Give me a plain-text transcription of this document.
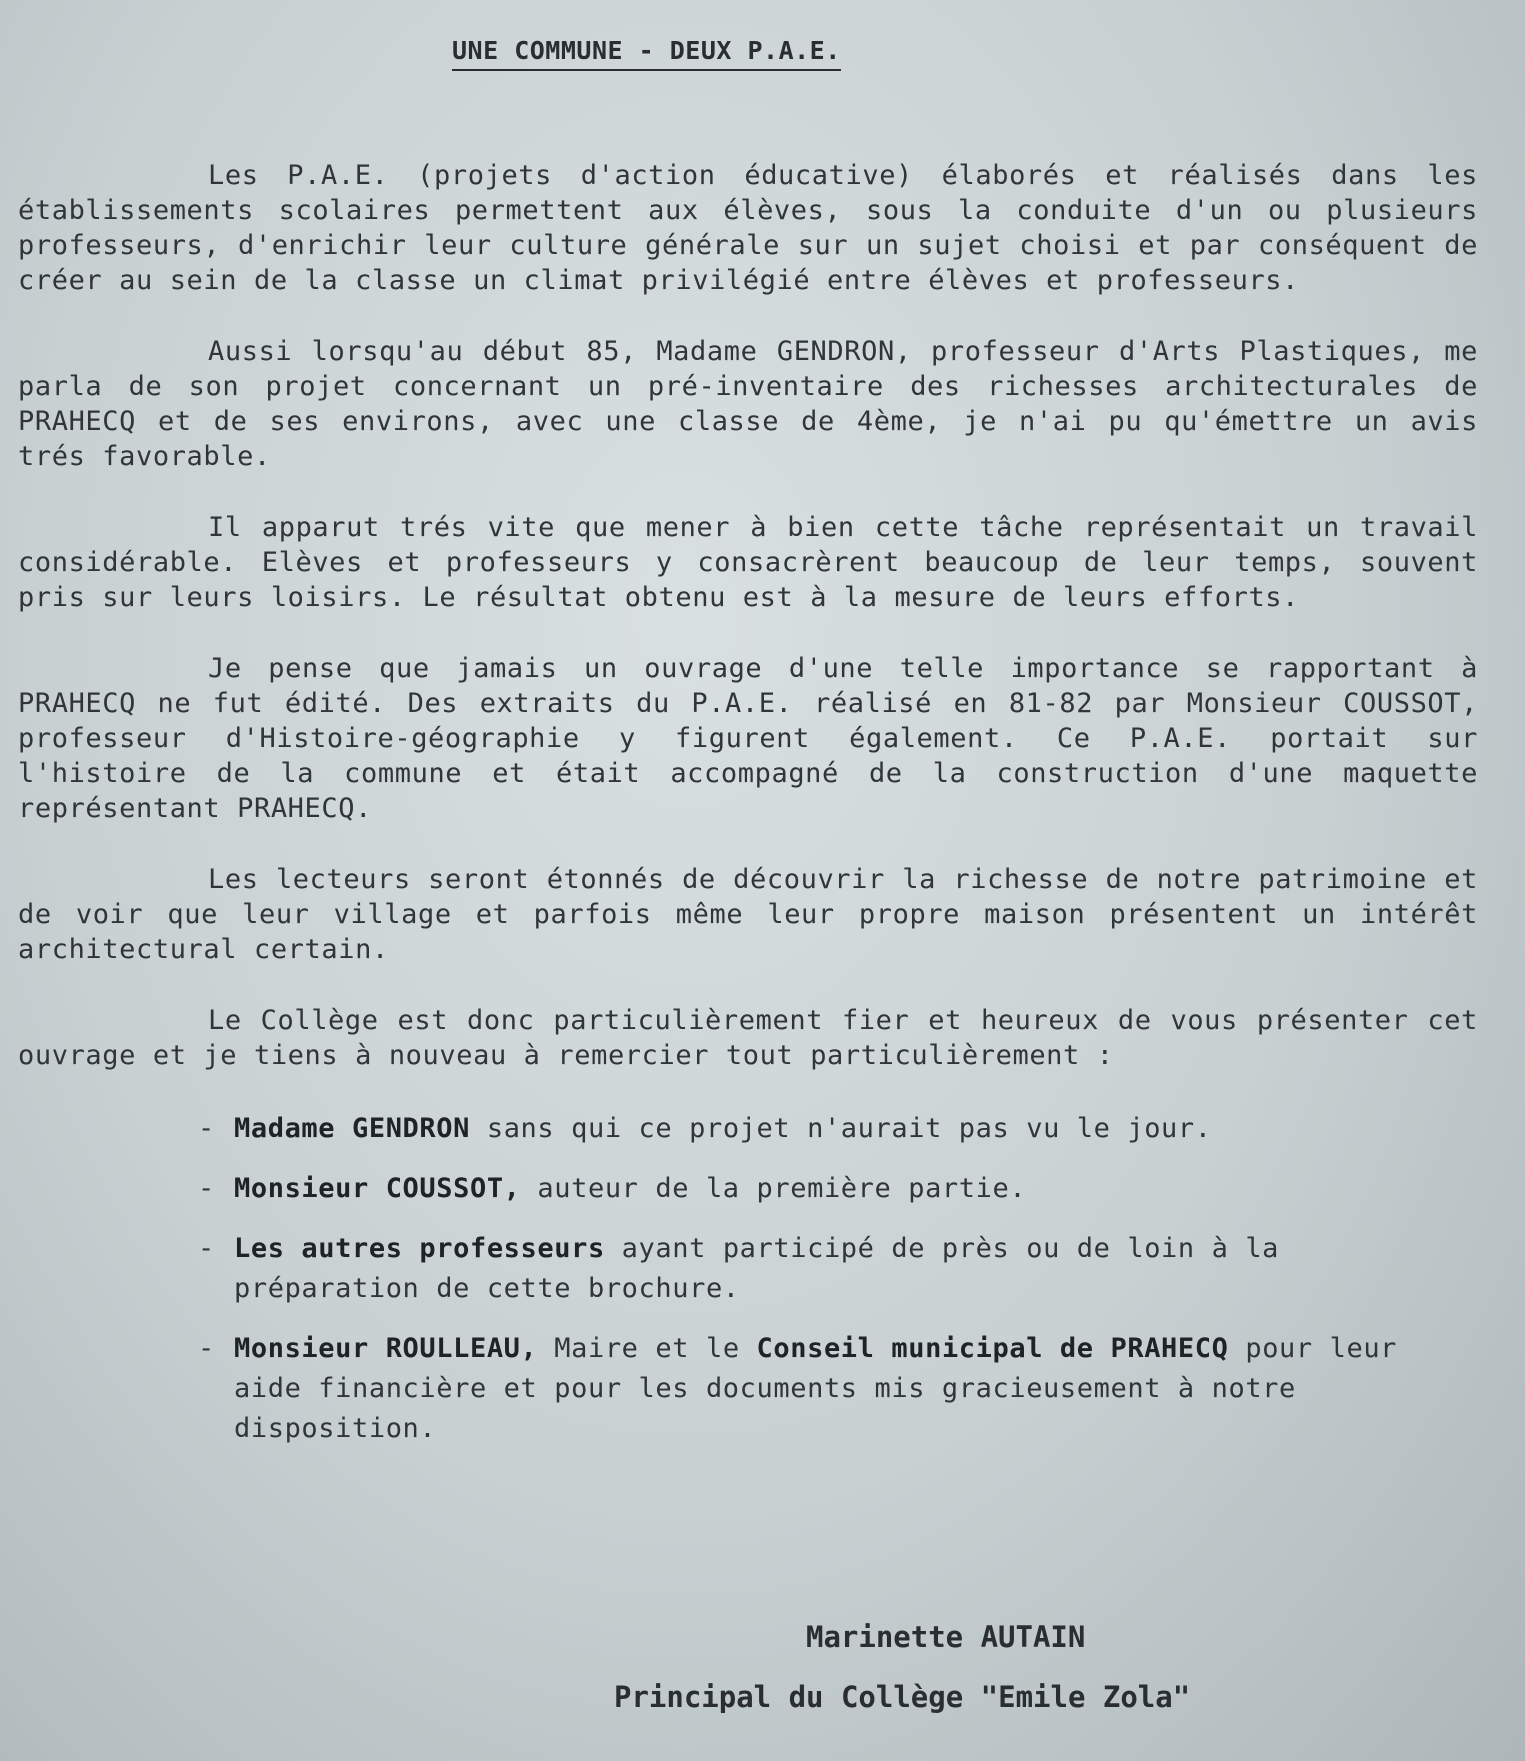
UNE COMMUNE - DEUX P.A.E.

Les P.A.E. (projets d'action éducative) élaborés et réalisés dans les établissements scolaires permettent aux élèves, sous la conduite d'un ou plusieurs professeurs, d'enrichir leur culture générale sur un sujet choisi et par conséquent de créer au sein de la classe un climat privilégié entre élèves et professeurs.

Aussi lorsqu'au début 85, Madame GENDRON, professeur d'Arts Plastiques, me parla de son projet concernant un pré-inventaire des richesses architecturales de PRAHECQ et de ses environs, avec une classe de 4ème, je n'ai pu qu'émettre un avis trés favorable.

Il apparut trés vite que mener à bien cette tâche représentait un travail considérable. Elèves et professeurs y consacrèrent beaucoup de leur temps, souvent pris sur leurs loisirs. Le résultat obtenu est à la mesure de leurs efforts.

Je pense que jamais un ouvrage d'une telle importance se rapportant à PRAHECQ ne fut édité. Des extraits du P.A.E. réalisé en 81-82 par Monsieur COUSSOT, professeur d'Histoire-géographie y figurent également. Ce P.A.E. portait sur l'histoire de la commune et était accompagné de la construction d'une maquette représentant PRAHECQ.

Les lecteurs seront étonnés de découvrir la richesse de notre patrimoine et de voir que leur village et parfois même leur propre maison présentent un intérêt architectural certain.

Le Collège est donc particulièrement fier et heureux de vous présenter cet ouvrage et je tiens à nouveau à remercier tout particulièrement :

- Madame GENDRON sans qui ce projet n'aurait pas vu le jour.
- Monsieur COUSSOT, auteur de la première partie.
- Les autres professeurs ayant participé de près ou de loin à la préparation de cette brochure.
- Monsieur ROULLEAU, Maire et le Conseil municipal de PRAHECQ pour leur aide financière et pour les documents mis gracieusement à notre disposition.
Marinette AUTAIN
Principal du Collège "Emile Zola"
